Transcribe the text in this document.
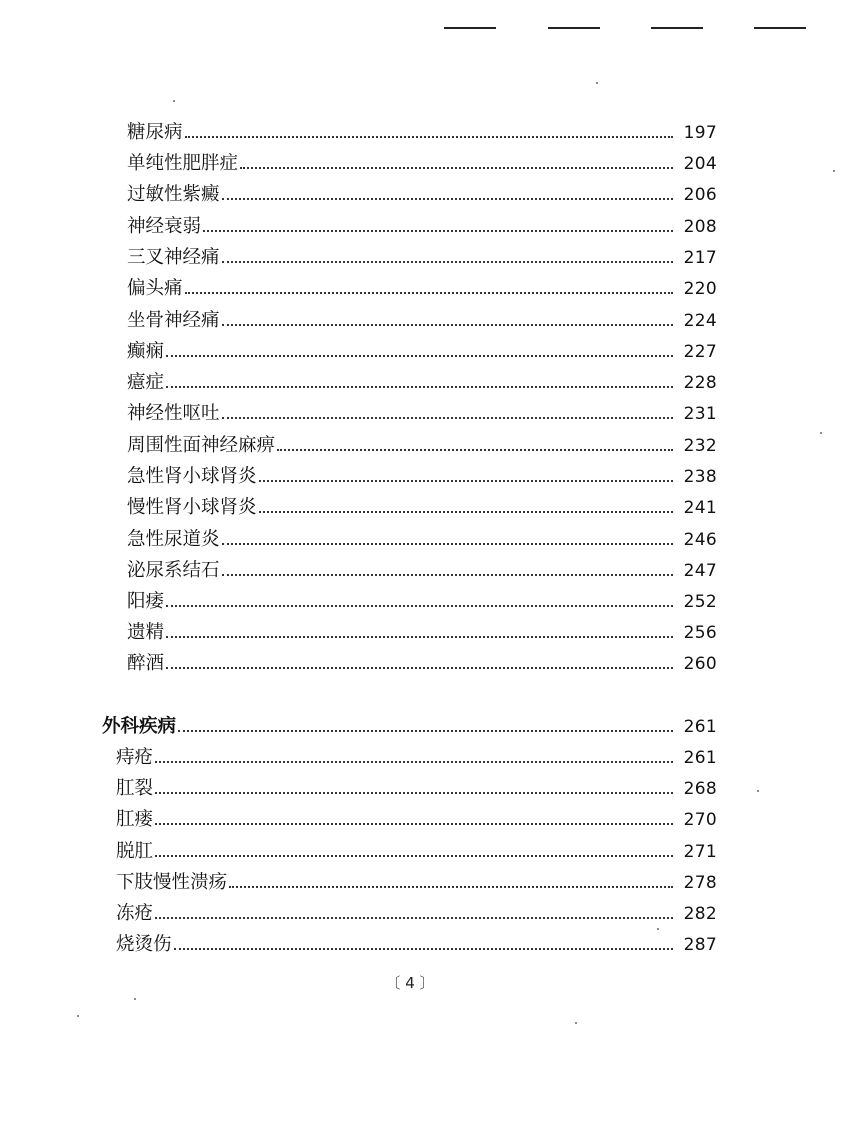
糖尿病	197
单纯性肥胖症	204
过敏性紫癜	206
神经衰弱	208
三叉神经痛	217
偏头痛	220
坐骨神经痛	224
癫痫	227
癔症	228
神经性呕吐	231
周围性面神经麻痹	232
急性肾小球肾炎	238
慢性肾小球肾炎	241
急性尿道炎	246
泌尿系结石	247
阳痿	252
遗精	256
醉酒	260
外科疾病	261
痔疮	261
肛裂	268
肛瘘	270
脱肛	271
下肢慢性溃疡	278
冻疮	282
烧烫伤	287
〔 4 〕
